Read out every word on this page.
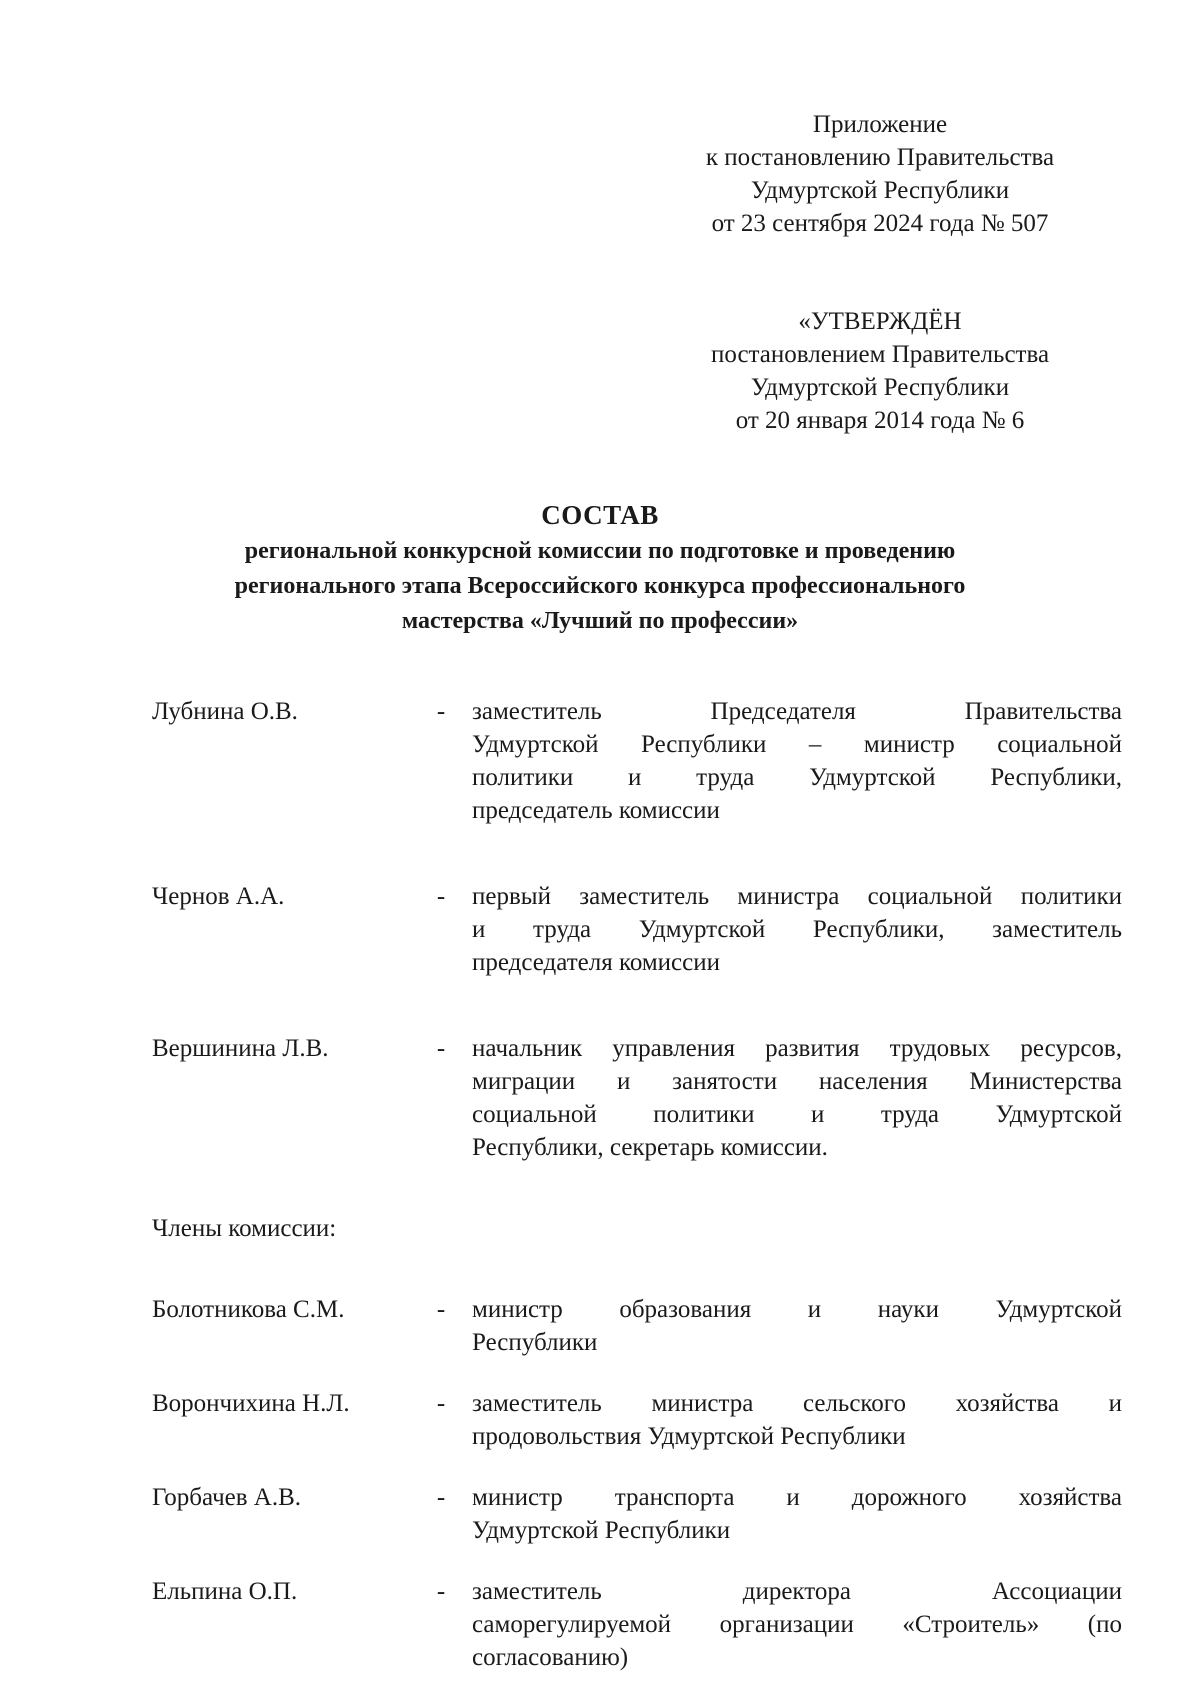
Приложение
к постановлению Правительства
Удмуртской Республики
от 23 сентября 2024 года № 507
«УТВЕРЖДЁН
постановлением Правительства
Удмуртской Республики
от 20 января 2014 года № 6
СОСТАВ
региональной конкурсной комиссии по подготовке и проведению
регионального этапа Всероссийского конкурса профессионального
мастерства «Лучший по профессии»
Лубнина О.В.	-	заместитель Председателя Правительства
Удмуртской Республики – министр социальной
политики и труда Удмуртской Республики,
председатель комиссии
Чернов А.А.	-	первый заместитель министра социальной политики
и труда Удмуртской Республики, заместитель
председателя комиссии
Вершинина Л.В.	-	начальник управления развития трудовых ресурсов,
миграции и занятости населения Министерства
социальной политики и труда Удмуртской
Республики, секретарь комиссии.
Члены комиссии:
Болотникова С.М.	-	министр образования и науки Удмуртской
Республики
Ворончихина Н.Л.	-	заместитель министра сельского хозяйства и
продовольствия Удмуртской Республики
Горбачев А.В.	-	министр транспорта и дорожного хозяйства
Удмуртской Республики
Ельпина О.П.	-	заместитель директора Ассоциации
саморегулируемой организации «Строитель» (по
согласованию)
